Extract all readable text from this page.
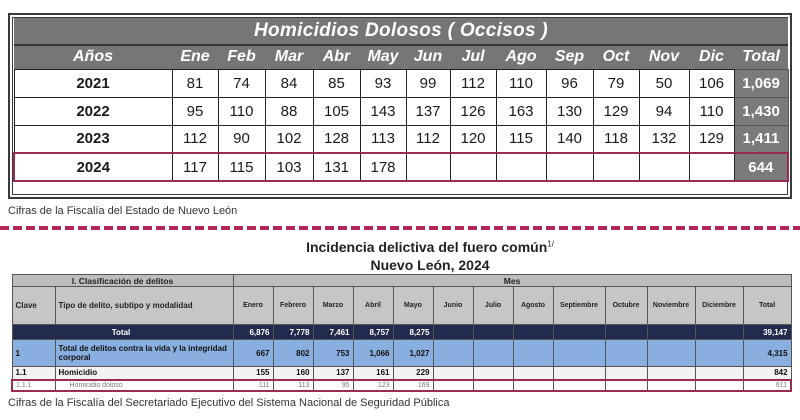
Homicidios Dolosos ( Occisos )													
Años	Ene	Feb	Mar	Abr	May	Jun	Jul	Ago	Sep	Oct	Nov	Dic	Total
2021	81	74	84	85	93	99	112	110	96	79	50	106	1,069
2022	95	110	88	105	143	137	126	163	130	129	94	110	1,430
2023	112	90	102	128	113	112	120	115	140	118	132	129	1,411
2024	117	115	103	131	178								644
Cifras de la Fiscalía del Estado de Nuevo León
Incidencia delictiva del fuero común$^{1/}$
Nuevo León, 2024
I. Clasificación de delitos		Mes												
Clave	Tipo de delito, subtipo y modalidad	Enero	Febrero	Marzo	Abril	Mayo	Junio	Julio	Agosto	Septiembre	Octubre	Noviembre	Diciembre	Total
Total		6,876	7,778	7,461	8,757	8,275								39,147
1	Total de delitos contra la vida y la integridad corporal	667	802	753	1,066	1,027								4,315
1.1	Homicidio	155	160	137	161	229								842
1.1.1	Homicidio doloso	111	113	95	123	169								611
Cifras de la Fiscalía del Secretariado Ejecutivo del Sistema Nacional de Seguridad Pública
